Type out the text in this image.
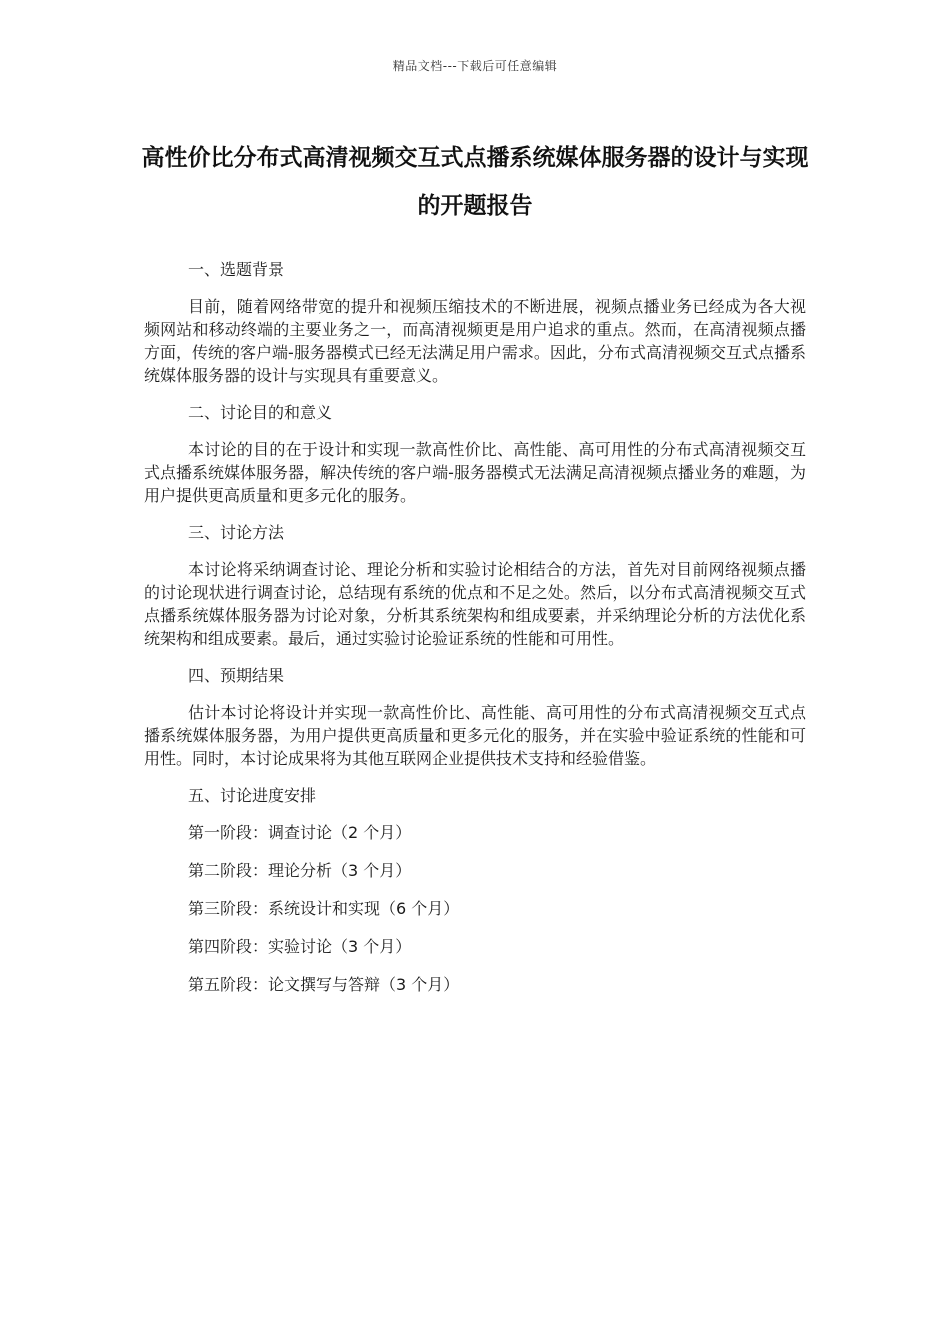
精品文档---下载后可任意编辑
高性价比分布式高清视频交互式点播系统媒体服务器的设计与实现的开题报告
一、选题背景

目前，随着网络带宽的提升和视频压缩技术的不断进展，视频点播业务已经成为各大视频网站和移动终端的主要业务之一，而高清视频更是用户追求的重点。然而，在高清视频点播方面，传统的客户端-服务器模式已经无法满足用户需求。因此，分布式高清视频交互式点播系统媒体服务器的设计与实现具有重要意义。

二、讨论目的和意义

本讨论的目的在于设计和实现一款高性价比、高性能、高可用性的分布式高清视频交互式点播系统媒体服务器，解决传统的客户端-服务器模式无法满足高清视频点播业务的难题，为用户提供更高质量和更多元化的服务。

三、讨论方法

本讨论将采纳调查讨论、理论分析和实验讨论相结合的方法，首先对目前网络视频点播的讨论现状进行调查讨论，总结现有系统的优点和不足之处。然后，以分布式高清视频交互式点播系统媒体服务器为讨论对象，分析其系统架构和组成要素，并采纳理论分析的方法优化系统架构和组成要素。最后，通过实验讨论验证系统的性能和可用性。

四、预期结果

估计本讨论将设计并实现一款高性价比、高性能、高可用性的分布式高清视频交互式点播系统媒体服务器，为用户提供更高质量和更多元化的服务，并在实验中验证系统的性能和可用性。同时，本讨论成果将为其他互联网企业提供技术支持和经验借鉴。

五、讨论进度安排
第一阶段：调查讨论（2 个月）
第二阶段：理论分析（3 个月）
第三阶段：系统设计和实现（6 个月）
第四阶段：实验讨论（3 个月）
第五阶段：论文撰写与答辩（3 个月）
